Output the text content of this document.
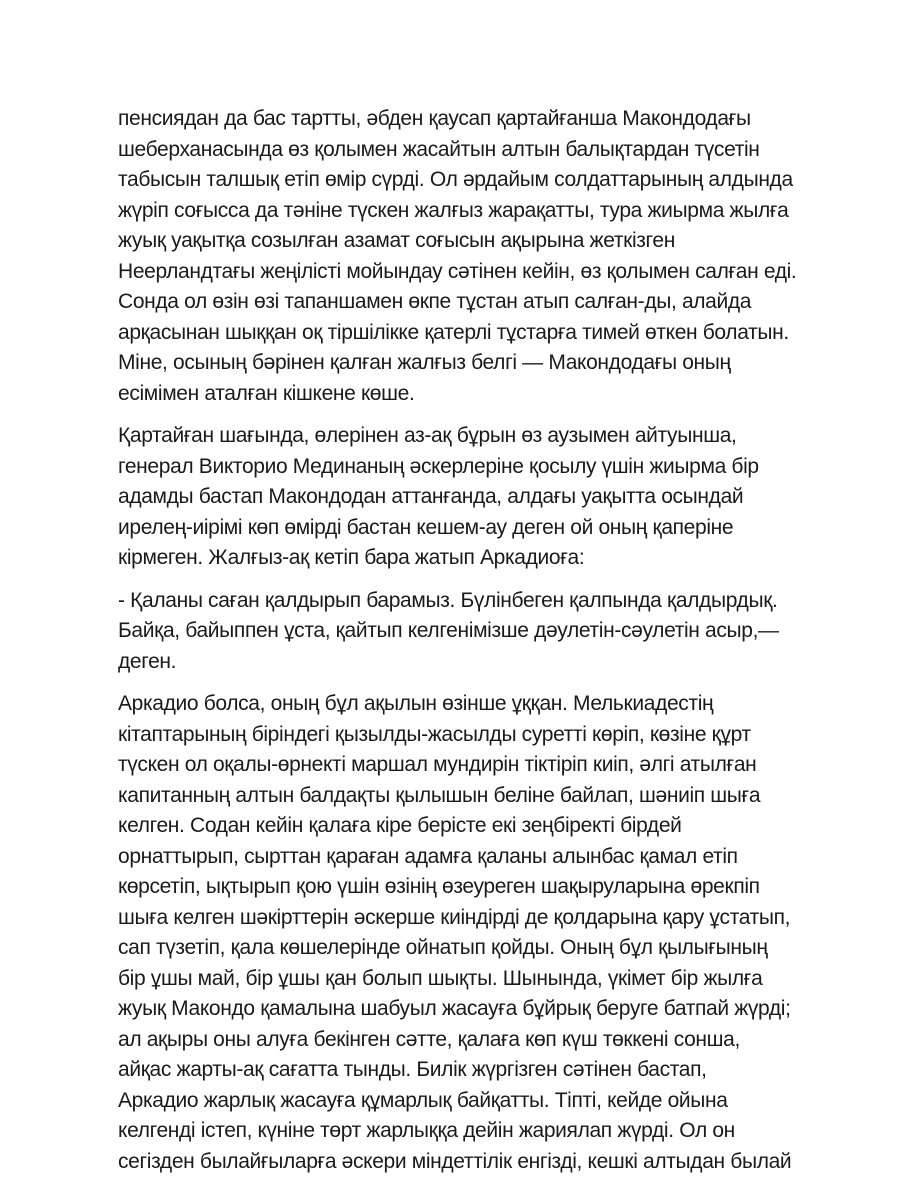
пенсиядан да бас тартты, әбден қаусап қартайғанша Макондодағы
шеберханасында өз қолымен жасайтын алтын балықтардан түсетін
табысын талшық етіп өмір сүрді. Ол әрдайым солдаттарының алдында
жүріп соғысса да тәніне түскен жалғыз жарақатты, тура жиырма жылға
жуық уақытқа созылған азамат соғысын ақырына жеткізген
Неерландтағы жеңілісті мойындау сәтінен кейін, өз қолымен салған еді.
Сонда ол өзін өзі тапаншамен өкпе тұстан атып салған-ды, алайда
арқасынан шыққан оқ тіршілікке қатерлі тұстарға тимей өткен болатын.
Міне, осының бәрінен қалған жалғыз белгі — Макондодағы оның
есімімен аталған кішкене көше.
Қартайған шағында, өлерінен аз-ақ бұрын өз аузымен айтуынша,
генерал Викторио Мединаның әскерлеріне қосылу үшін жиырма бір
адамды бастап Макондодан аттанғанда, алдағы уақытта осындай
ирелең-иірімі көп өмірді бастан кешем-ау деген ой оның қаперіне
кірмеген. Жалғыз-ақ кетіп бара жатып Аркадиоға:
- Қаланы саған қалдырып барамыз. Бүлінбеген қалпында қалдырдық.
Байқа, байыппен ұста, қайтып келгенімізше дәулетін-сәулетін асыр,—
деген.
Аркадио болса, оның бұл ақылын өзінше ұққан. Мелькиадестің
кітаптарының біріндегі қызылды-жасылды суретті көріп, көзіне құрт
түскен ол оқалы-өрнекті маршал мундирін тіктіріп киіп, әлгі атылған
капитанның алтын балдақты қылышын беліне байлап, шәниіп шыға
келген. Содан кейін қалаға кіре берісте екі зеңбіректі бірдей
орнаттырып, сырттан қараған адамға қаланы алынбас қамал етіп
көрсетіп, ықтырып қою үшін өзінің өзеуреген шақыруларына өрекпіп
шыға келген шәкірттерін әскерше киіндірді де қолдарына қару ұстатып,
сап түзетіп, қала көшелерінде ойнатып қойды. Оның бұл қылығының
бір ұшы май, бір ұшы қан болып шықты. Шынында, үкімет бір жылға
жуық Макондо қамалына шабуыл жасауға бұйрық беруге батпай жүрді;
ал ақыры оны алуға бекінген сәтте, қалаға көп күш төккені сонша,
айқас жарты-ақ сағатта тынды. Билік жүргізген сәтінен бастап,
Аркадио жарлық жасауға құмарлық байқатты. Тіпті, кейде ойына
келгенді істеп, күніне төрт жарлыққа дейін жариялап жүрді. Ол он
сегізден былайғыларға әскери міндеттілік енгізді, кешкі алтыдан былай
